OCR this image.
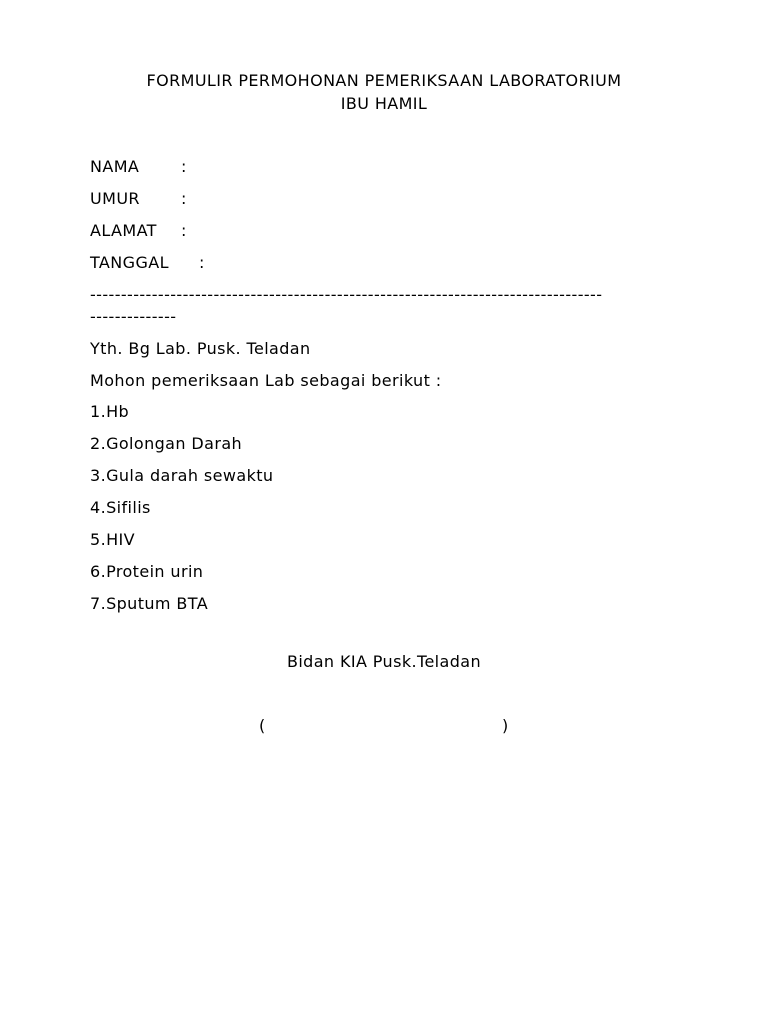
FORMULIR PERMOHONAN PEMERIKSAAN LABORATORIUM
IBU HAMIL
NAMA	:
UMUR	:
ALAMAT :
TANGGAL :
-----------------------------------------------------------------------------------
--------------
Yth. Bg Lab. Pusk. Teladan
Mohon pemeriksaan Lab sebagai berikut :
1.Hb
2.Golongan Darah
3.Gula darah sewaktu
4.Sifilis
5.HIV
6.Protein urin
7.Sputum BTA
Bidan KIA Pusk.Teladan
(	)
